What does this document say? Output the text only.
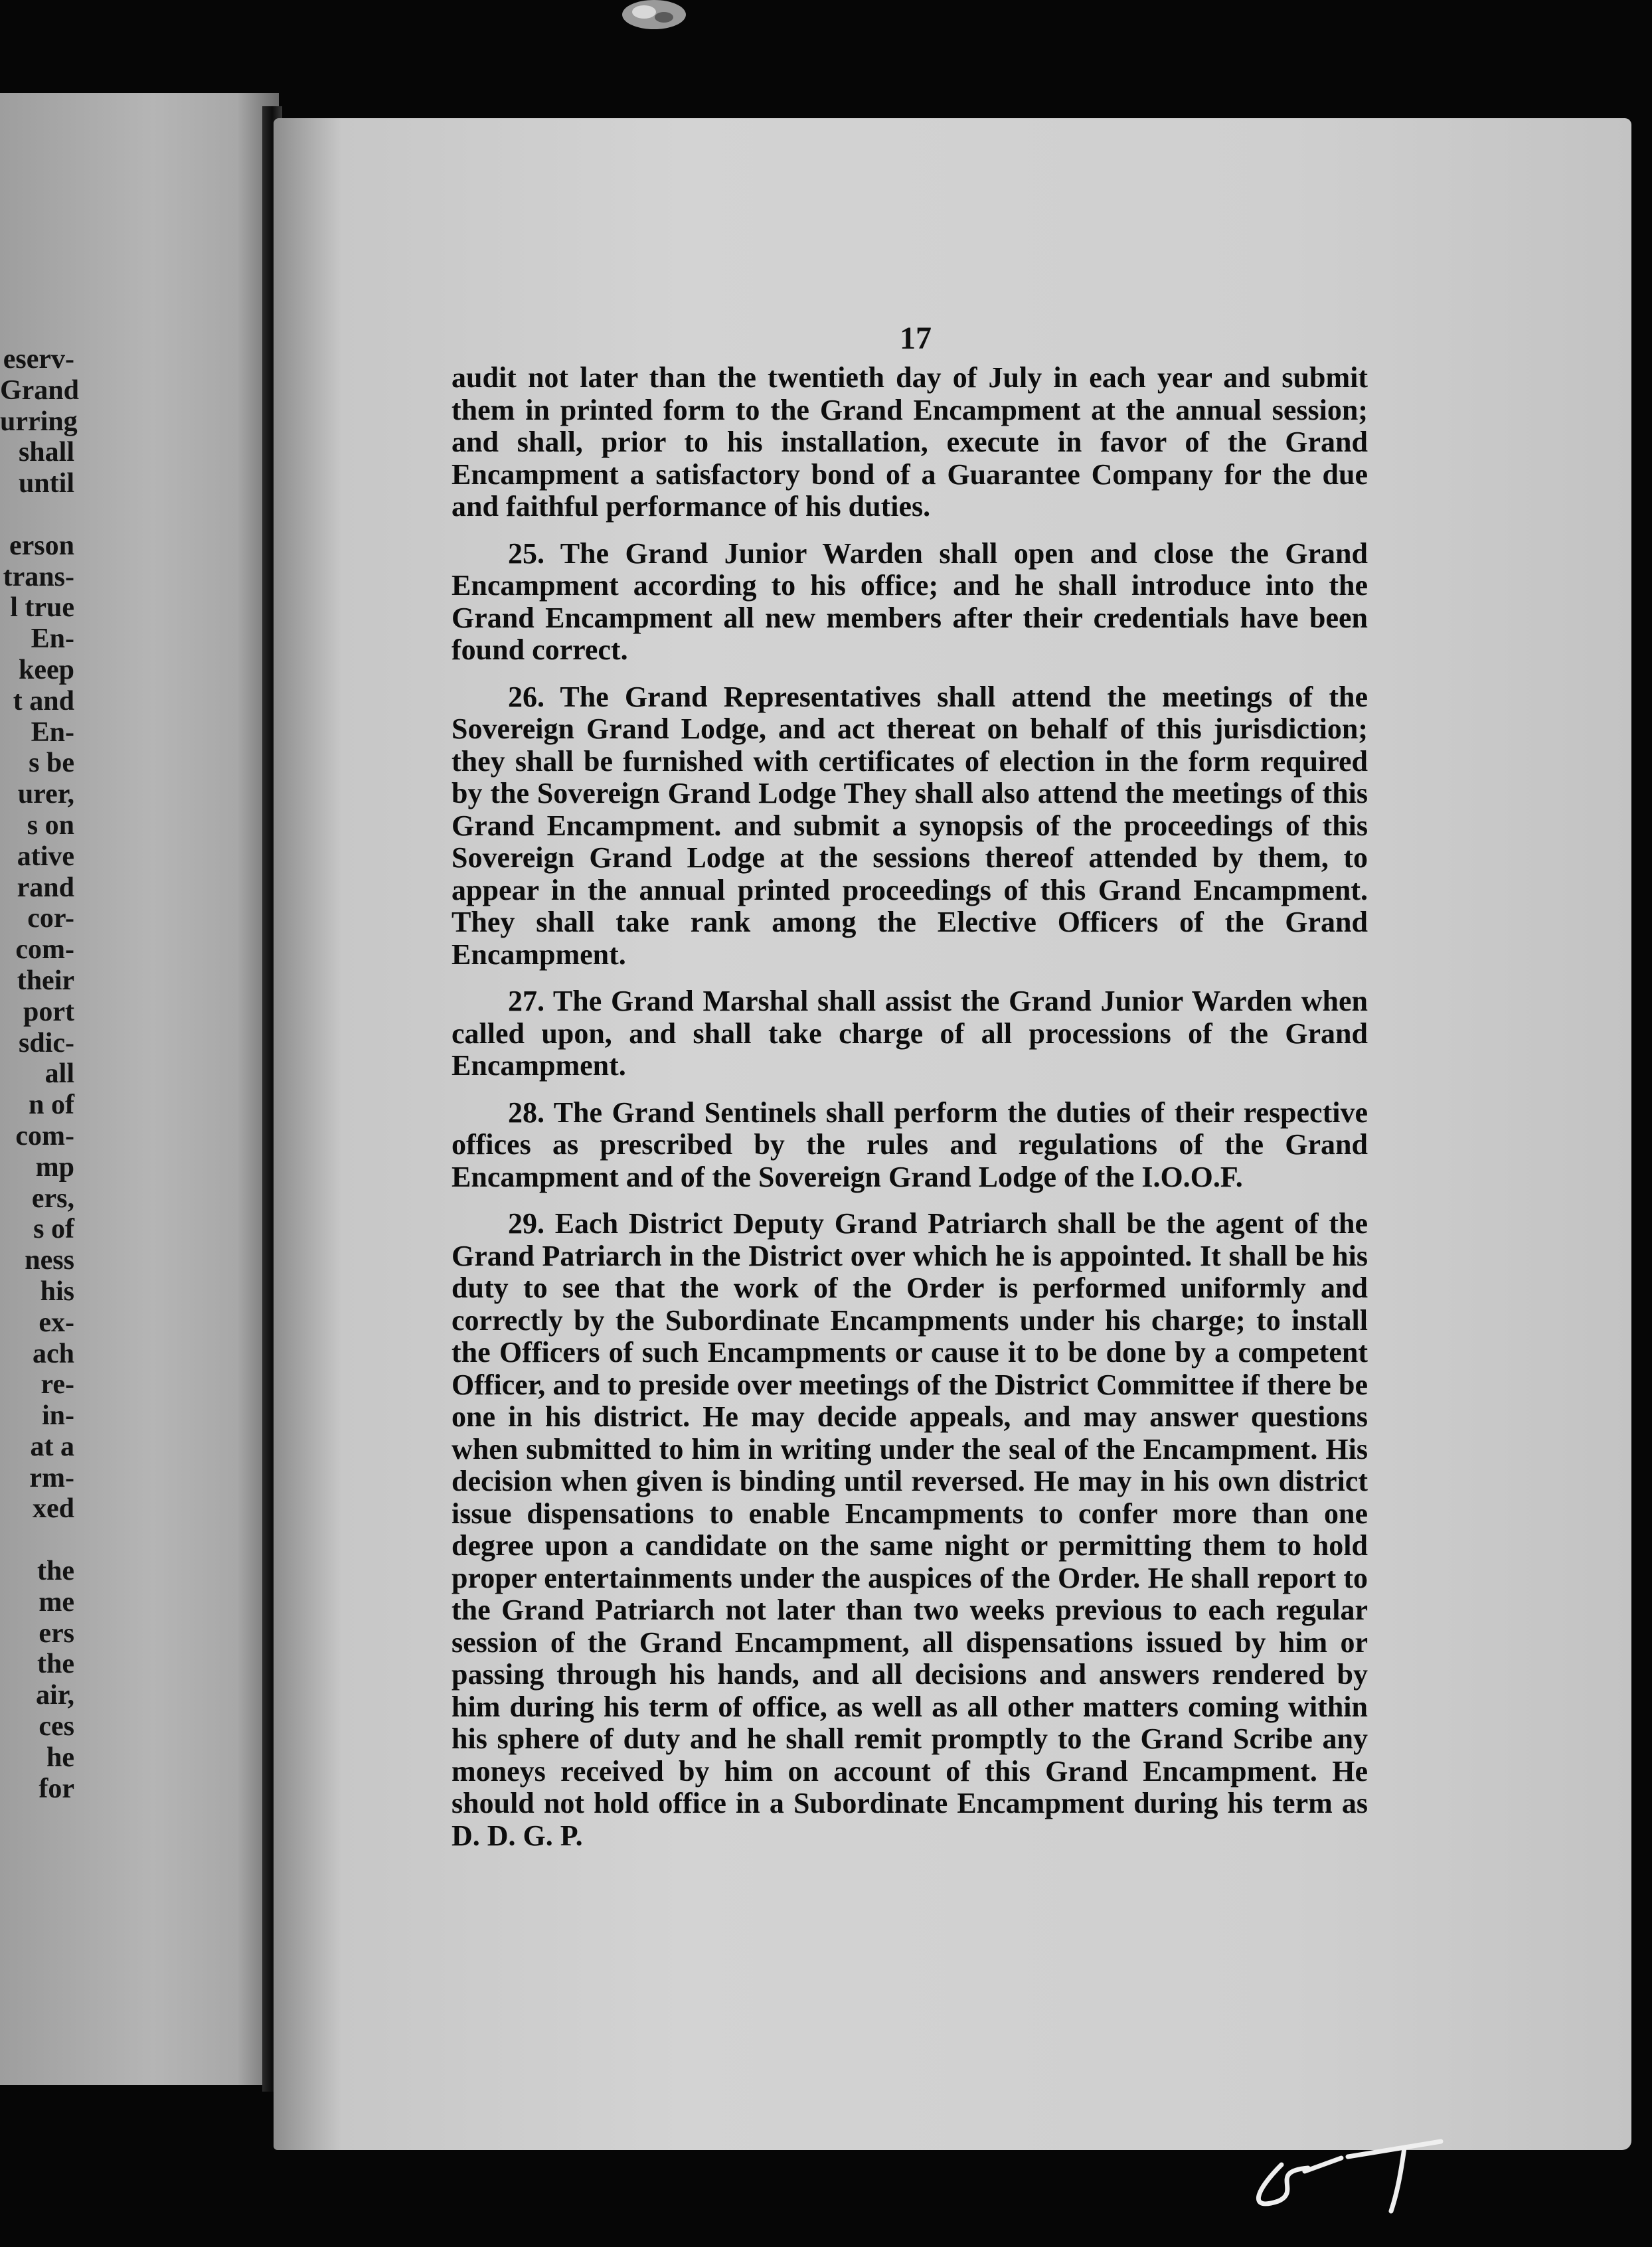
eserv-
Grand
urring
shall
until
erson
trans-
l true
En-
keep
t and
En-
s be
urer,
s on
ative
rand
cor-
com-
their
port
sdic-
all
n of
com-
mp
ers,
s of
ness
his
ex-
ach
re-
in-
at a
rm-
xed
the
me
ers
the
air,
ces
he
for
17

audit not later than the twentieth day of July in each year and submit them in printed form to the Grand Encampment at the annual session; and shall, prior to his installation, execute in favor of the Grand Encampment a satisfactory bond of a Guarantee Company for the due and faithful performance of his duties.

25. The Grand Junior Warden shall open and close the Grand Encampment according to his office; and he shall introduce into the Grand Encampment all new members after their credentials have been found correct.

26. The Grand Representatives shall attend the meetings of the Sovereign Grand Lodge, and act thereat on behalf of this jurisdiction; they shall be furnished with certificates of election in the form required by the Sovereign Grand Lodge They shall also attend the meetings of this Grand Encampment. and submit a synopsis of the proceedings of this Sovereign Grand Lodge at the sessions thereof attended by them, to appear in the annual printed proceedings of this Grand Encampment. They shall take rank among the Elective Officers of the Grand Encampment.

27. The Grand Marshal shall assist the Grand Junior Warden when called upon, and shall take charge of all processions of the Grand Encampment.

28. The Grand Sentinels shall perform the duties of their respective offices as prescribed by the rules and regulations of the Grand Encampment and of the Sovereign Grand Lodge of the I.O.O.F.

29. Each District Deputy Grand Patriarch shall be the agent of the Grand Patriarch in the District over which he is appointed. It shall be his duty to see that the work of the Order is performed uniformly and correctly by the Subordinate Encampments under his charge; to install the Officers of such Encampments or cause it to be done by a competent Officer, and to preside over meetings of the District Committee if there be one in his district. He may decide appeals, and may answer questions when submitted to him in writing under the seal of the Encampment. His decision when given is binding until reversed. He may in his own district issue dispensations to enable Encampments to confer more than one degree upon a candidate on the same night or permitting them to hold proper entertainments under the auspices of the Order. He shall report to the Grand Patriarch not later than two weeks previous to each regular session of the Grand Encampment, all dispensations issued by him or passing through his hands, and all decisions and answers rendered by him during his term of office, as well as all other matters coming within his sphere of duty and he shall remit promptly to the Grand Scribe any moneys received by him on account of this Grand Encampment. He should not hold office in a Subordinate Encampment during his term as D. D. G. P.
